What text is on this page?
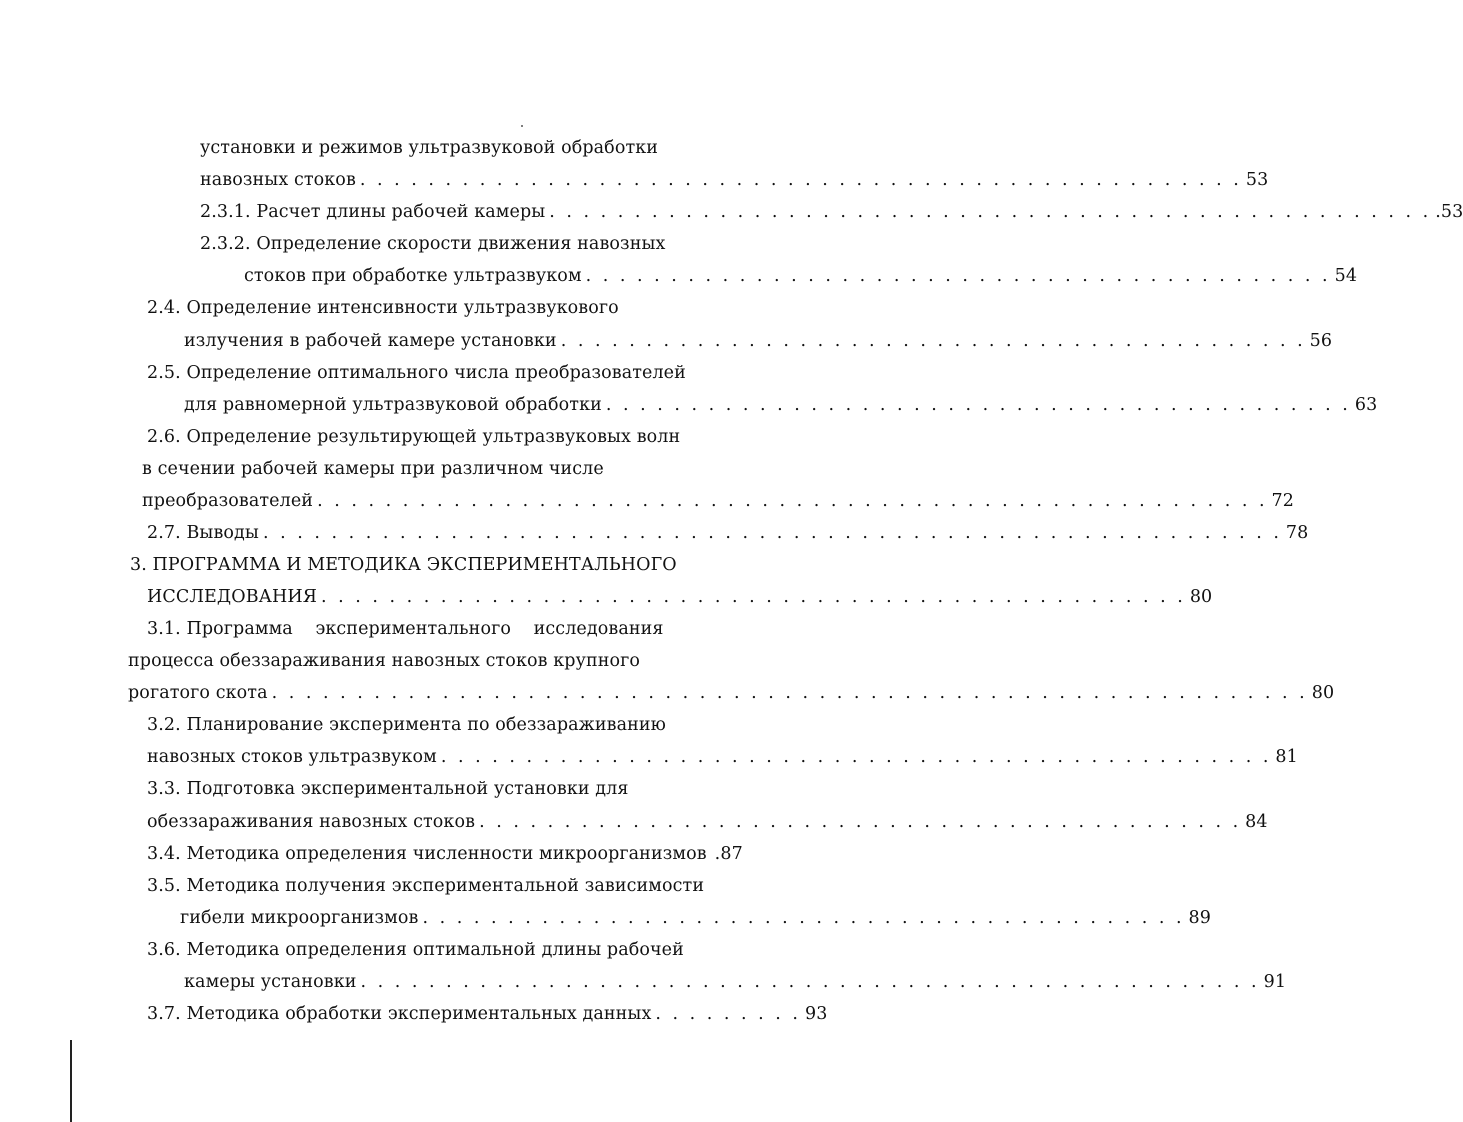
установки и режимов ультразвуковой обработки
навозных стоков . . . . . . . . . . . . . . . . . . . . . . . . . . . . . . . . . . . . . . . . . . . . . . . . . . . . 53
2.3.1. Расчет длины рабочей камеры . . . . . . . . . . . . . . . . . . . . . . . . . . . . . . . . . . . . . . . . . . . . . . . . . . . . .53
2.3.2. Определение скорости движения навозных
стоков при обработке ультразвуком . . . . . . . . . . . . . . . . . . . . . . . . . . . . . . . . . . . . . . . . . . . . 54
2.4. Определение интенсивности ультразвукового
излучения в рабочей камере установки . . . . . . . . . . . . . . . . . . . . . . . . . . . . . . . . . . . . . . . . . . . . 56
2.5. Определение оптимального числа преобразователей
для равномерной ультразвуковой обработки . . . . . . . . . . . . . . . . . . . . . . . . . . . . . . . . . . . . . . . . . . . . 63
2.6. Определение результирующей ультразвуковых волн
в сечении рабочей камеры при различном числе
преобразователей . . . . . . . . . . . . . . . . . . . . . . . . . . . . . . . . . . . . . . . . . . . . . . . . . . . . . . . . 72
2.7. Выводы . . . . . . . . . . . . . . . . . . . . . . . . . . . . . . . . . . . . . . . . . . . . . . . . . . . . . . . . . . . . 78
3. ПРОГРАММА И МЕТОДИКА ЭКСПЕРИМЕНТАЛЬНОГО
ИССЛЕДОВАНИЯ . . . . . . . . . . . . . . . . . . . . . . . . . . . . . . . . . . . . . . . . . . . . . . . . . . . 80
3.1. Программа    экспериментального    исследования
процесса обеззараживания навозных стоков крупного
рогатого скота . . . . . . . . . . . . . . . . . . . . . . . . . . . . . . . . . . . . . . . . . . . . . . . . . . . . . . . . . . . . . 80
3.2. Планирование эксперимента по обеззараживанию
навозных стоков ультразвуком . . . . . . . . . . . . . . . . . . . . . . . . . . . . . . . . . . . . . . . . . . . . . . . . . 81
3.3. Подготовка экспериментальной установки для
обеззараживания навозных стоков . . . . . . . . . . . . . . . . . . . . . . . . . . . . . . . . . . . . . . . . . . . . . 84
3.4. Методика определения численности микроорганизмов .87
3.5. Методика получения экспериментальной зависимости
гибели микроорганизмов . . . . . . . . . . . . . . . . . . . . . . . . . . . . . . . . . . . . . . . . . . . . . 89
3.6. Методика определения оптимальной длины рабочей
камеры установки . . . . . . . . . . . . . . . . . . . . . . . . . . . . . . . . . . . . . . . . . . . . . . . . . . . . . 91
3.7. Методика обработки экспериментальных данных . . . . . . . . . 93
